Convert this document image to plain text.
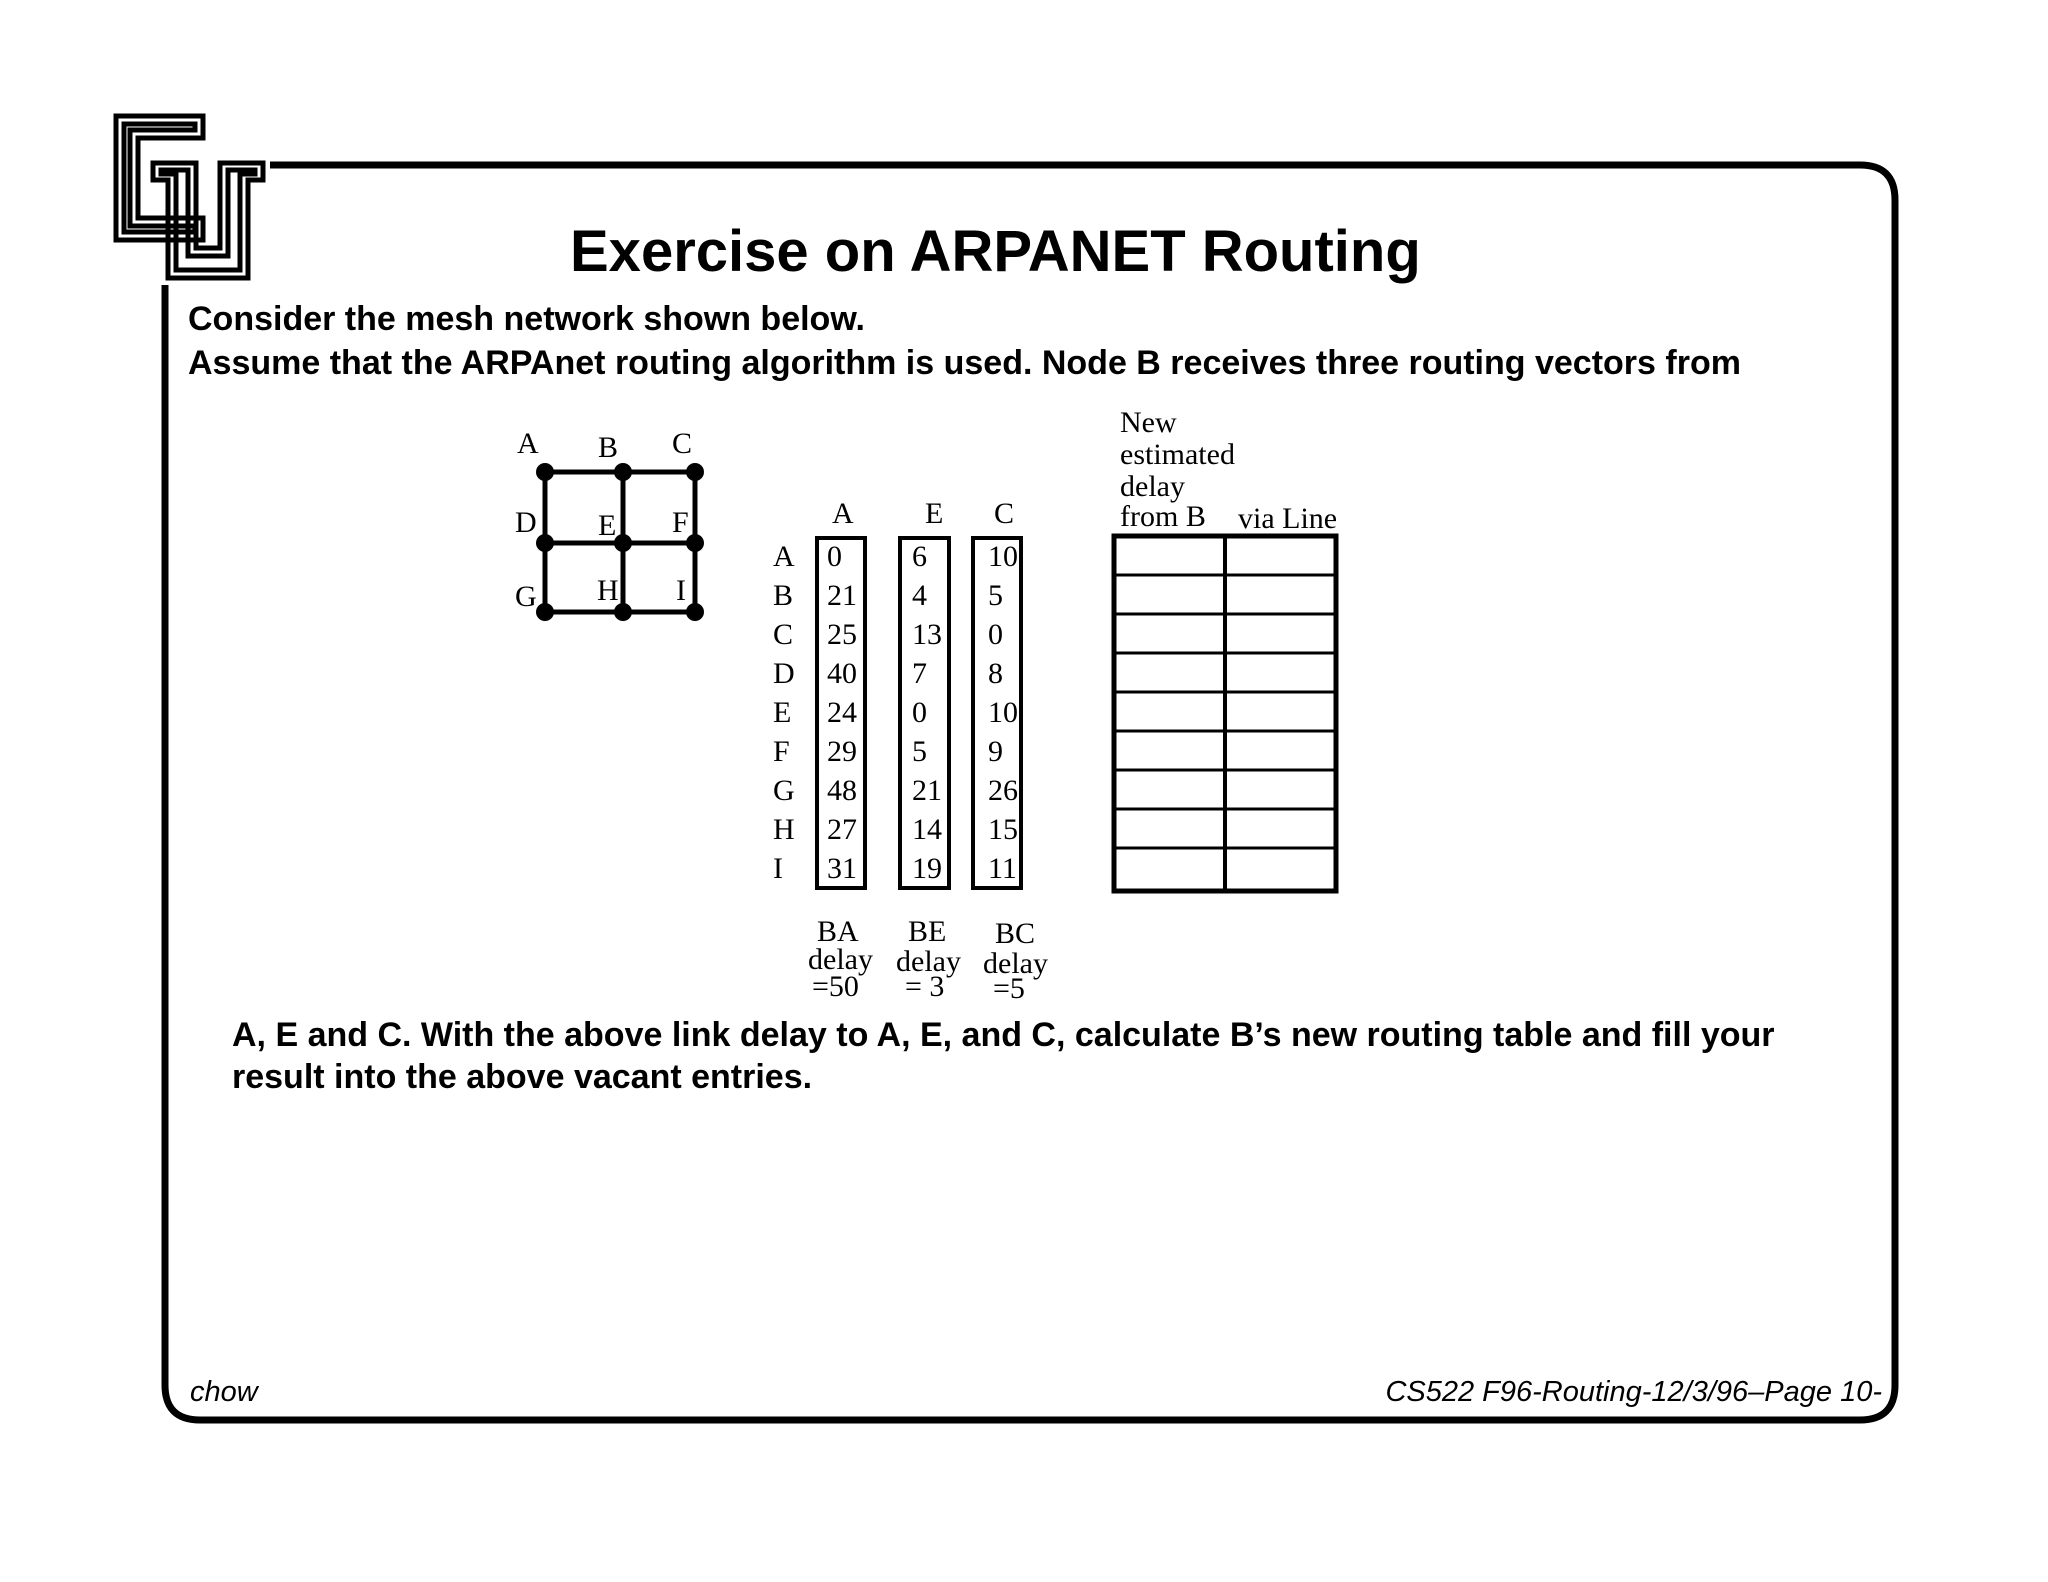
Exercise on ARPANET Routing
Consider the mesh network shown below.
Assume that the ARPAnet routing algorithm is used. Node B receives three routing vectors from
A B C
D E F
G H I
A
B
C
D
E
F
G
H
I
A
0
21
25
40
24
29
48
27
31
BA
delay
=50
E
6
4
13
7
0
5
21
14
19
BE
delay
= 3
C
10
5
0
8
10
9
26
15
11
BC
delay
=5
New
estimated
delay
from B via Line
A, E and C. With the above link delay to A, E, and C, calculate B’s new routing table and fill your
result into the above vacant entries.
chow	CS522 F96-Routing-12/3/96–Page 10-
